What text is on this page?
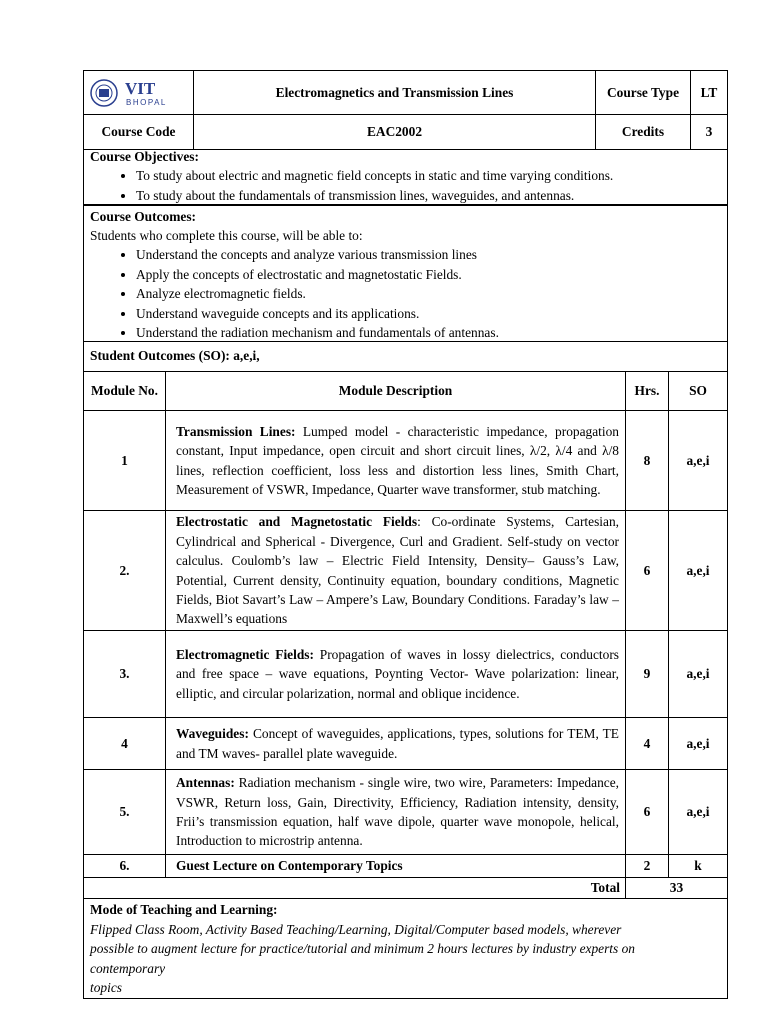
VIT
BHOPAL	Electromagnetics and Transmission Lines	Course Type	LT
Course Code	EAC2002	Credits	3
Course Objectives:
• To study about electric and magnetic field concepts in static and time varying conditions.
• To study about the fundamentals of transmission lines, waveguides, and antennas.
Course Outcomes:
Students who complete this course, will be able to:
• Understand the concepts and analyze various transmission lines
• Apply the concepts of electrostatic and magnetostatic Fields.
• Analyze electromagnetic fields.
• Understand waveguide concepts and its applications.
• Understand the radiation mechanism and fundamentals of antennas.
Student Outcomes (SO): a,e,i,
Module No.	Module Description	Hrs.	SO
1	Transmission Lines: Lumped model - characteristic impedance, propagation constant, Input impedance, open circuit and short circuit lines, λ/2, λ/4 and λ/8 lines, reflection coefficient, loss less and distortion less lines, Smith Chart, Measurement of VSWR, Impedance, Quarter wave transformer, stub matching.	8	a,e,i
2.	Electrostatic and Magnetostatic Fields: Co-ordinate Systems, Cartesian, Cylindrical and Spherical - Divergence, Curl and Gradient. Self-study on vector calculus. Coulomb’s law – Electric Field Intensity, Density– Gauss’s Law, Potential, Current density, Continuity equation, boundary conditions, Magnetic Fields, Biot Savart’s Law – Ampere’s Law, Boundary Conditions. Faraday’s law – Maxwell’s equations	6	a,e,i
3.	Electromagnetic Fields: Propagation of waves in lossy dielectrics, conductors and free space – wave equations, Poynting Vector- Wave polarization: linear, elliptic, and circular polarization, normal and oblique incidence.	9	a,e,i
4	Waveguides: Concept of waveguides, applications, types, solutions for TEM, TE and TM waves- parallel plate waveguide.	4	a,e,i
5.	Antennas: Radiation mechanism - single wire, two wire, Parameters: Impedance, VSWR, Return loss, Gain, Directivity, Efficiency, Radiation intensity, density, Frii’s transmission equation, half wave dipole, quarter wave monopole, helical, Introduction to microstrip antenna.	6	a,e,i
6.	Guest Lecture on Contemporary Topics	2	k
Total		33	
Mode of Teaching and Learning:
Flipped Class Room, Activity Based Teaching/Learning, Digital/Computer based models, wherever
possible to augment lecture for practice/tutorial and minimum 2 hours lectures by industry experts on
contemporary
topics
